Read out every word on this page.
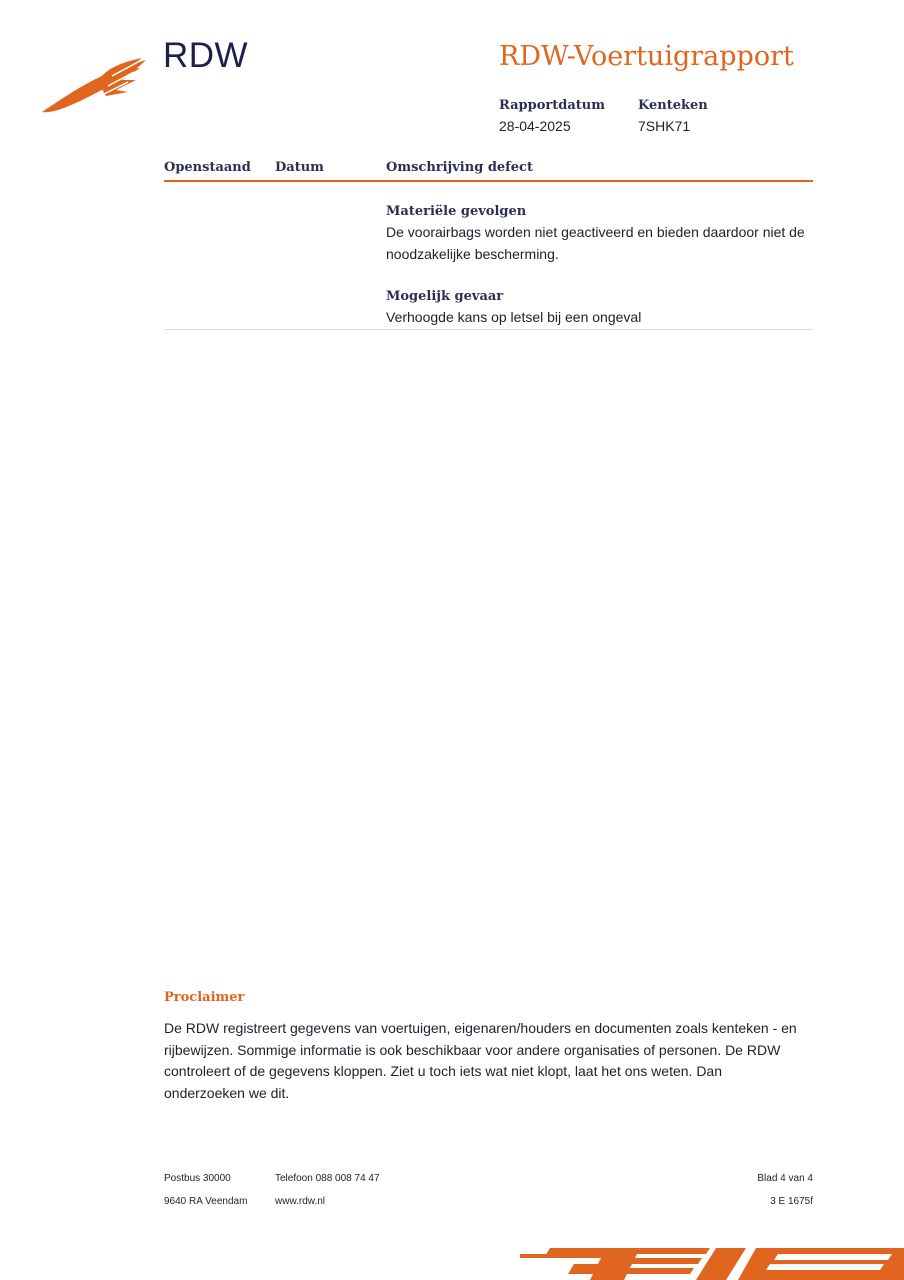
RDW	RDW-Voertuigrapport
Rapportdatum
28-04-2025
Kenteken
7SHK71
Openstaand Datum	Omschrijving defect
Materiële gevolgen
De voorairbags worden niet geactiveerd en bieden daardoor niet de noodzakelijke bescherming.
Mogelijk gevaar
Verhoogde kans op letsel bij een ongeval
Proclaimer
De RDW registreert gegevens van voertuigen, eigenaren/houders en documenten zoals kenteken - en rijbewijzen. Sommige informatie is ook beschikbaar voor andere organisaties of personen. De RDW controleert of de gegevens kloppen. Ziet u toch iets wat niet klopt, laat het ons weten. Dan onderzoeken we dit.
Postbus 30000
9640 RA Veendam
Telefoon 088 008 74 47
www.rdw.nl
Blad 4 van 4
3 E 1675f
